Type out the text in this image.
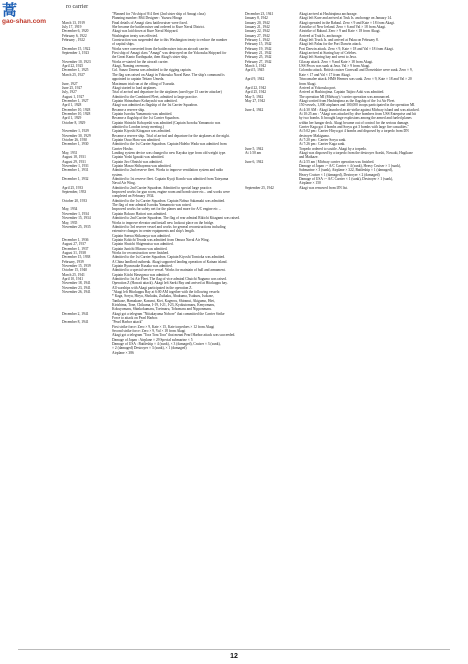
蒿
gao-shan.com
ro carrier
"Planned for 7th ship of 8/4 fleet (2nd sister ship of Amagi class)
Planning number: B64 Designer : Yuzuru Hiraga
March 13, 1919	Final details of Amagi class battlecruiser were fixed.
July 17, 1919	She became the battlecruiser and ordered to Kure Naval District.
December 6, 1920	Akagi was laid down at Kure Naval Shipyard.
February 6, 1922	Washington treaty was effected.
February , 1922	Construction was suspended due to this Washington treaty to reduce the number
of capital ships.
December 15, 1922	Works were converted from the battlecruiser into an aircraft carrier.
September 1, 1923	First ship of Amagi class "Amagi" was destroyed on the Yokosuka Shipyard for
the Great Kanto Earthquake, then Akagi's sister ship.
November 10, 1923	Works re-started for the aircraft carrier.
April 22, 1925	Akagi, Naming ceremony.
December 1, 1925	Col. Sanzo Umena was admitted to the rigging captain.
March 25, 1927	The flag was raised on Akagi in Yokosuka Naval Base. The ship's command is
appointed to captain Teitaro Umeda.
June, 1927	Maximum trial run at the offing of Tsuruda.
June 25, 1927	Akagi started to load airplanes.
July, 1927	Trial of arrival and departure for the airplanes (used type 13 carrier attacker)
August 1, 1927	Admitted to the Combined Fleet, admitted to large practice.
December 1, 1927	Captain Shinzaburo Kobayashi was admitted.
April 1, 1928	Akagi was admitted as flagship of the 1st Carrier Squadron.
December 10, 1928	Became a reserve ship.
December 10, 1928	Captain Isoroku Yamamoto was admitted.
April 1, 1929	Became a flagship of the 1st Carrier Squadron.
October 8, 1929	Captain Shinichi Kobayashi was admitted (Captain Isoroku Yamamoto was
admitted to London treaty meeting.)
November 1, 1929	Captain Kiyoshi Kitagawa was admitted.
November 30, 1929	Became a reserve ship. Trial of arrival and departure for the airplanes at the night.
October 26, 1930	Captain Osuo Hara was admitted.
December 1, 1930	Admitted to the 1st Carrier Squadron. Captain Hideho Wada was admitted from
Carrier Hosho.
May, 1931	Landing system device was changed to new Kayaba type from old weight type.
August 18, 1931	Captain Yoshi Igasaki was admitted.
August 29, 1931	Captain Jiro Ohnishi was admitted.
November 1, 1931	Captain Masao Shibayama was admitted.
December 1, 1931	Admitted to 2nd reserve fleet. Works to improve ventilation system and radio
system.
December 1, 1932	Admitted to 1st reserve fleet. Captain Kyoji Kondo was admitted from Tateyama
Naval Air Wing.
April 25, 1933	Admitted to 2nd Carrier Squadron. Admitted to special large practice.
September, 1933	Improved works for gun room, engine room and bomb store etc... and works were
completed on February 1934.
October 20, 1933	Admitted to the 1st Carrier Squadron. Captain Nobuo Sakamaki was admitted.
The flag of rear admiral Isoroku Yamamoto was raised.
May, 1934	Improved works for safety net for the planes and more for A/C engine etc ...
November 1, 1934	Captain Rokuro Hattori was admitted.
November 15, 1934	Admitted to 2nd Carrier Squadron. The flag of rear admiral Rikichi Kitagami was raised.
May, 1935	Works to improve elevator and install new lookout place on the bridge.
November 25, 1935	Admitted to 3rd reserve vessel and works for general reconstructions including
extensive changes in center equipments and ship's length.
Captain Sanwa Shikanoya was admitted.
December 1, 1936	Captain Kokichi Terada was admitted from Omura Naval Air Wing.
August 27, 1937	Captain Shuichi Shigematsu was admitted.
December 1, 1937	Captain Junichi Mizuno was admitted.
August 31, 1938	Works for reconstruction were finished.
December 15, 1938	Admitted to the 1st Carrier Squadron. Captain Kiyoshi Tomioka was admitted.
February, 1939	A China landlord outbreak. Akagi supported landing operation of Kainan island.
November 15, 1939	Captain Ryunosuke Kusaka was admitted.
October 15, 1940	Admitted to a special service vessel. Works for maintain of hull and armament.
March 25, 1941	Captain Kiichi Hasegawa was admitted.
April 10, 1941	Admitted to 1st Air Fleet. The flag of vice admiral Chuichi Nagumo was raised.
November 18, 1941	Operation Z (Hawaii attack). Akagi left Saeki Bay and arrived at Hitokappu bay.
November 23, 1941	All warships with Akagi participated in the operation Z.
November 26, 1941	"Akagi left Hitokappu Bay at 6:00 AM together with the following vessels:
* Kaga, Soryu, Hiryu, Shokaku, Zuikaku, Abukuma, Tsukuru, Isokaze,
Tanikaze, Hamakaze, Kasumi, Kiei, Kagerou, Shiranui, Akigumo, Hiei,
Kirishima, Tone, Chikuma, I-19, I-21, I-23, Kyokutomaru, Kenyomaru,
Kokuyomaru, Shinkokumaru, Toeimaru, Tohomaru and Nipponmaru.
December 2, 1941	Akagi got a telegram "Niitakayama Nobore" that committed the Carrier Strike
Force to attack on Pearl Harbor.
December 8, 1941	"Pearl Harbor attack"
First strike force: Zero × 9, Kate × 15, Kate torpedoes × 12 from Akagi
Second strike force: Zero × 9, Val × 18 from Akagi
Akagi got a telegram "Tora Tora Tora" that meant Pearl Harbor attack was succeeded.
Damage of Japan : Airplane × 29 Special submarine × 5
Damage of USA : Battleship × 4 (sunk), × 3 (damaged), Cruiser × 3 (sunk),
× 2 (damaged) Destroyer × 3 (sunk), × 1 (damaged)
Airplane × 386
December 23, 1941	Akagi arrived at Hashirajima anchorage.
January 8, 1942	Akagi left Kure and arrived at Truk Is. anchorage on January 14.
January 20, 1942	Akagi operated in the Rabaul. Zero × 9 and Kate × 18 from Akagi.
January 21, 1942	Airstrike of New Ireland. Zero × 6 and Val × 18 from Akagi.
January 22, 1942	Airstrike of Rabaul. Zero × 9 and Kate × 18 from Akagi.
January 27, 1942	Arrived at Truk Is. anchorage.
February 1, 1942	Akagi left Truck Is. and arrived at Palau on February 8.
February 15, 1942	Akagi left Palau for the Port Darwin attack.
February 19, 1942	Port Darwin attack. Zero × 9, Kate × 18 and Val × 18 from Akagi.
February 21, 1942	Akagi arrived at Staring bay of Celebes.
February 25, 1942	Akagi left Staring bay and went to Java.
February 27, 1942	Cilacap attack. Zero × 9 and Kate × 18 from Akagi.
March 1, 1942	USS Pecos was sunk at Java. Val × 9 from Akagi.
April 5, 1945	Colombo attack. British cruiser Cornwall and Dorsetshire were sunk. Zero × 9,
Kate × 17 and Val × 17 from Akagi.
April 9, 1942	Trincomalee attack. HMS Hermes was sunk. Zero × 9, Kate × 18 and Val × 20
from Akagi.
April 22, 1942	Arrived at Yokosuka port.
April 25, 1942	Arrived at Hashirajima. Captain Taijiro Aoki was admitted.
May 5, 1942	The operation MI (Midway) / carrier operation was announced.
May 27, 1942	Akagi sortied from Hashirajima as the flagship of the 1st Air Fleet.
150 vessels, 1,000 airplanes and 100,000 troops participated in the operation MI.
June 4, 1942	At 4:30 AM : Akagi launched an air-strike against Midway island and was attacked.
At 10:25 am : "Akagi was attacked by dive bombers from USS Enterprise and hit
by two bombs. It brought large explosions among the armed and fueled planes
within her hangar deck. Akagi became out of control for the serious damage.
Carrier Kaga got 4 bombs and Soryu got 3 bombs with large fire casualties."
At 5:02 pm : Carrier Hiryu got 4 bombs and disposed by a torpedo from DN
destroyer Makigumo.
At 7:20 pm : Carrier Soryu sank.
At 7:26 pm : Carrier Kaga sank.
June 5, 1942	Torpedo ordered to scuttle. Akagi by a torpedo.
At 1:50 am	Akagi was disposed by a torpedo from the destroyer Arashi, Nowaki, Hagikaze
and Maikaze.
June 6, 1942	At 2:55 am | Midway carrier operation was finished.
Damage of Japan :-- A/C Carrier × 4 (sunk), Heavy Cruiser × 1 (sunk),
Submarine × 3 (sunk), Airplane × 322, Battleship × 1 (damaged),
Heavy Cruiser × 1 (damaged), Destroyer × 2 (damaged)
Damage of USA :-- A/C Carrier × 1 (sunk), Destroyer × 1 (sunk),
Airplane × 150
September 25, 1942	Akagi was removed from IJN list.
12
